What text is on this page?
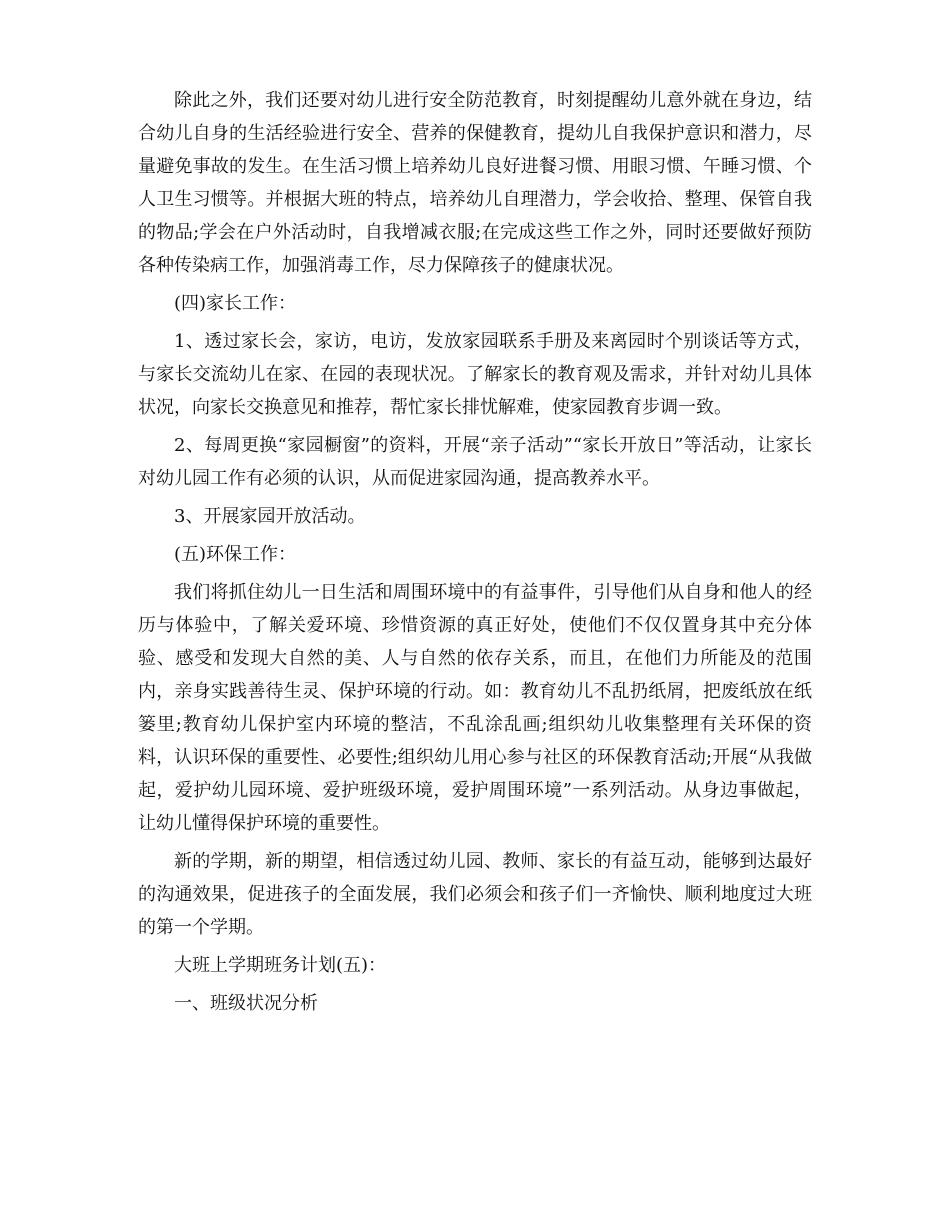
除此之外，我们还要对幼儿进行安全防范教育，时刻提醒幼儿意外就在身边，结合幼儿自身的生活经验进行安全、营养的保健教育，提幼儿自我保护意识和潜力，尽量避免事故的发生。在生活习惯上培养幼儿良好进餐习惯、用眼习惯、午睡习惯、个人卫生习惯等。并根据大班的特点，培养幼儿自理潜力，学会收拾、整理、保管自我的物品;学会在户外活动时，自我增减衣服;在完成这些工作之外，同时还要做好预防各种传染病工作，加强消毒工作，尽力保障孩子的健康状况。

(四)家长工作：

1、透过家长会，家访，电访，发放家园联系手册及来离园时个别谈话等方式，与家长交流幼儿在家、在园的表现状况。了解家长的教育观及需求，并针对幼儿具体状况，向家长交换意见和推荐，帮忙家长排忧解难，使家园教育步调一致。

2、每周更换“家园橱窗”的资料，开展“亲子活动”“家长开放日”等活动，让家长对幼儿园工作有必须的认识，从而促进家园沟通，提高教养水平。

3、开展家园开放活动。

(五)环保工作：

我们将抓住幼儿一日生活和周围环境中的有益事件，引导他们从自身和他人的经历与体验中，了解关爱环境、珍惜资源的真正好处，使他们不仅仅置身其中充分体验、感受和发现大自然的美、人与自然的依存关系，而且，在他们力所能及的范围内，亲身实践善待生灵、保护环境的行动。如：教育幼儿不乱扔纸屑，把废纸放在纸篓里;教育幼儿保护室内环境的整洁，不乱涂乱画;组织幼儿收集整理有关环保的资料，认识环保的重要性、必要性;组织幼儿用心参与社区的环保教育活动;开展“从我做起，爱护幼儿园环境、爱护班级环境，爱护周围环境”一系列活动。从身边事做起，让幼儿懂得保护环境的重要性。

新的学期，新的期望，相信透过幼儿园、教师、家长的有益互动，能够到达最好的沟通效果，促进孩子的全面发展，我们必须会和孩子们一齐愉快、顺利地度过大班的第一个学期。

大班上学期班务计划(五)：

一、班级状况分析
